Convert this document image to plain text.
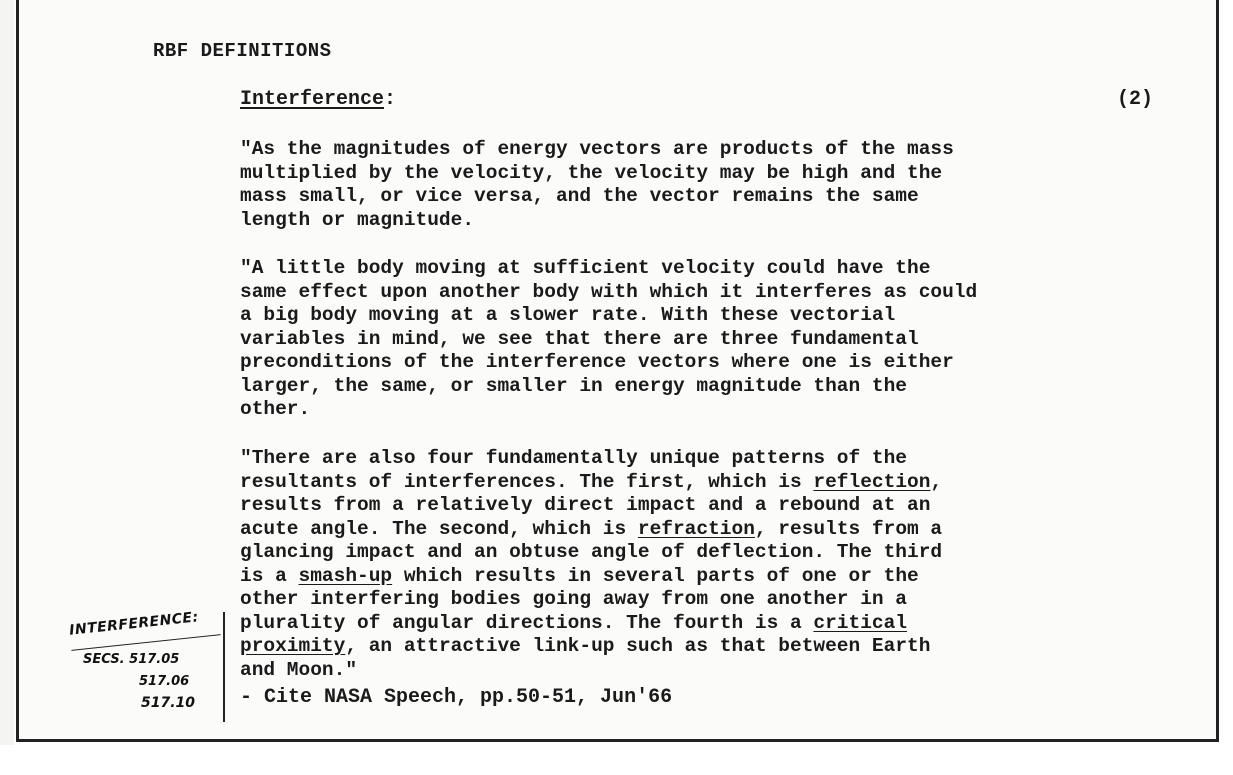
RBF DEFINITIONS
Interference:	(2)
"As the magnitudes of energy vectors are products of the mass
multiplied by the velocity, the velocity may be high and the
mass small, or vice versa, and the vector remains the same
length or magnitude.
"A little body moving at sufficient velocity could have the
same effect upon another body with which it interferes as could
a big body moving at a slower rate. With these vectorial
variables in mind, we see that there are three fundamental
preconditions of the interference vectors where one is either
larger, the same, or smaller in energy magnitude than the
other.
"There are also four fundamentally unique patterns of the
resultants of interferences. The first, which is reflection,
results from a relatively direct impact and a rebound at an
acute angle. The second, which is refraction, results from a
glancing impact and an obtuse angle of deflection. The third
is a smash-up which results in several parts of one or the
other interfering bodies going away from one another in a
plurality of angular directions. The fourth is a critical
proximity, an attractive link-up such as that between Earth
and Moon."
- Cite NASA Speech, pp.50-51, Jun'66
INTERFERENCE:
SECS. 517.05
517.06
517.10
